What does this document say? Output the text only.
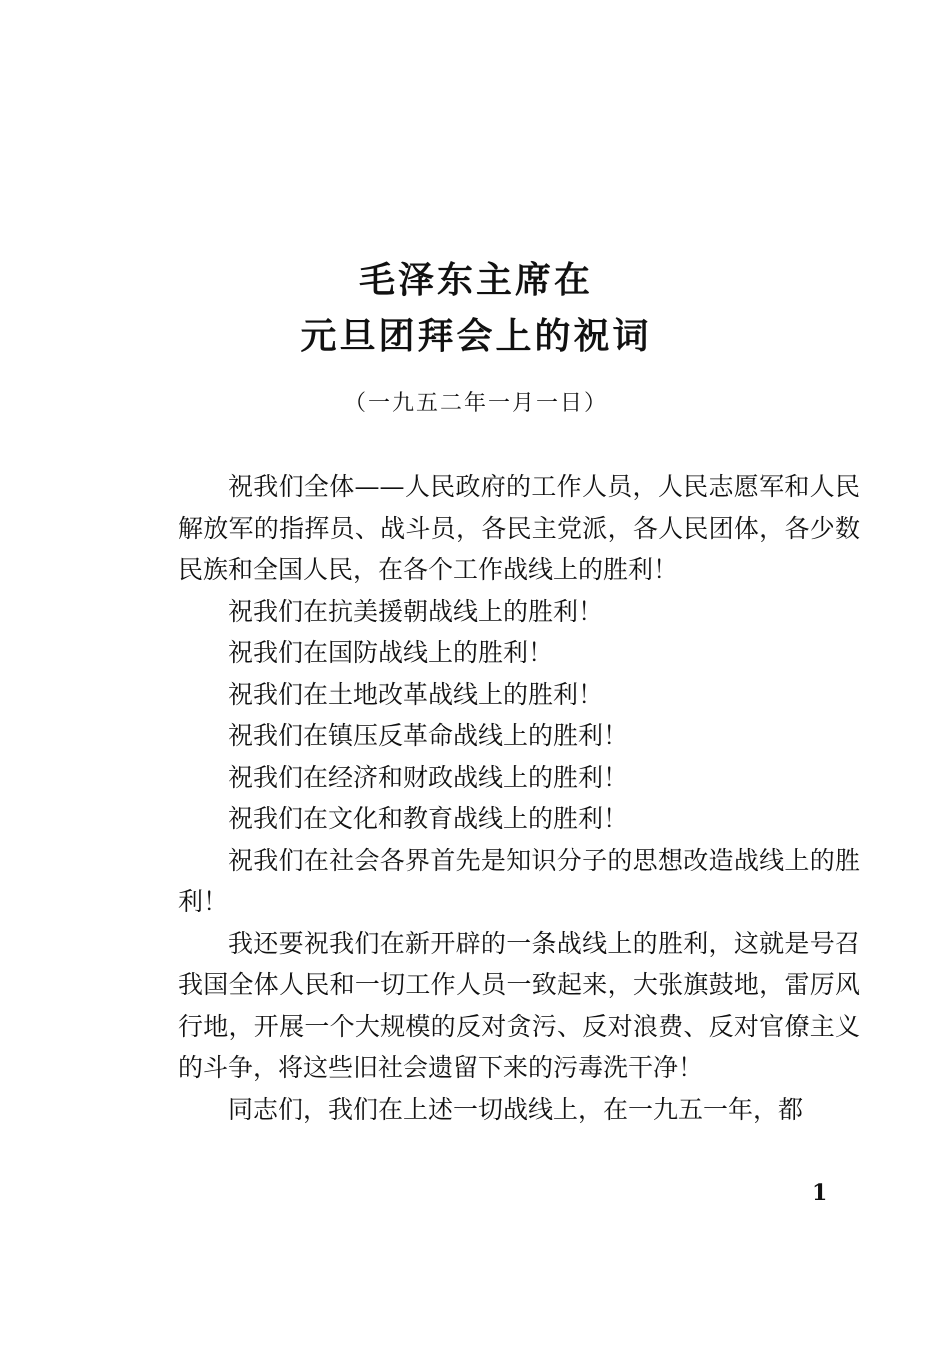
毛泽东主席在
元旦团拜会上的祝词
（一九五二年一月一日）

祝我们全体——人民政府的工作人员，人民志愿军和人民解放军的指挥员、战斗员，各民主党派，各人民团体，各少数民族和全国人民，在各个工作战线上的胜利！

祝我们在抗美援朝战线上的胜利！

祝我们在国防战线上的胜利！

祝我们在土地改革战线上的胜利！

祝我们在镇压反革命战线上的胜利！

祝我们在经济和财政战线上的胜利！

祝我们在文化和教育战线上的胜利！

祝我们在社会各界首先是知识分子的思想改造战线上的胜利！

我还要祝我们在新开辟的一条战线上的胜利，这就是号召我国全体人民和一切工作人员一致起来，大张旗鼓地，雷厉风行地，开展一个大规模的反对贪污、反对浪费、反对官僚主义的斗争，将这些旧社会遗留下来的污毒洗干净！

同志们，我们在上述一切战线上，在一九五一年，都

1
